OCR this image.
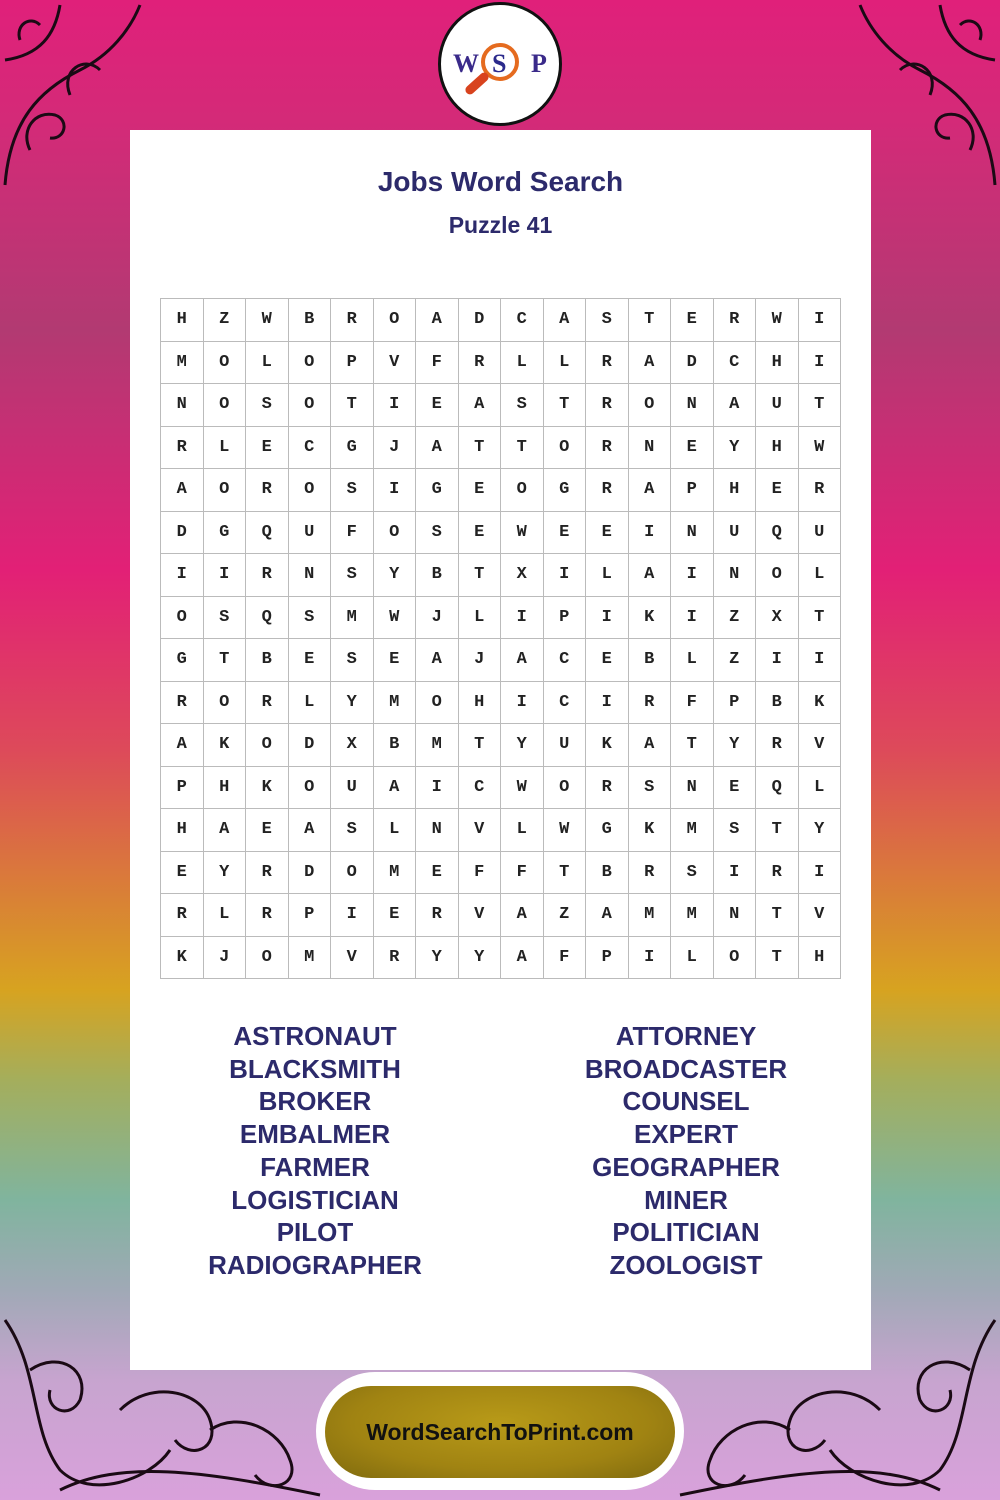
W S P
Jobs Word Search
Puzzle 41
H	Z	W	B	R	O	A	D	C	A	S	T	E	R	W	I
M	O	L	O	P	V	F	R	L	L	R	A	D	C	H	I
N	O	S	O	T	I	E	A	S	T	R	O	N	A	U	T
R	L	E	C	G	J	A	T	T	O	R	N	E	Y	H	W
A	O	R	O	S	I	G	E	O	G	R	A	P	H	E	R
D	G	Q	U	F	O	S	E	W	E	E	I	N	U	Q	U
I	I	R	N	S	Y	B	T	X	I	L	A	I	N	O	L
O	S	Q	S	M	W	J	L	I	P	I	K	I	Z	X	T
G	T	B	E	S	E	A	J	A	C	E	B	L	Z	I	I
R	O	R	L	Y	M	O	H	I	C	I	R	F	P	B	K
A	K	O	D	X	B	M	T	Y	U	K	A	T	Y	R	V
P	H	K	O	U	A	I	C	W	O	R	S	N	E	Q	L
H	A	E	A	S	L	N	V	L	W	G	K	M	S	T	Y
E	Y	R	D	O	M	E	F	F	T	B	R	S	I	R	I
R	L	R	P	I	E	R	V	A	Z	A	M	M	N	T	V
K	J	O	M	V	R	Y	Y	A	F	P	I	L	O	T	H
ASTRONAUT
BLACKSMITH
BROKER
EMBALMER
FARMER
LOGISTICIAN
PILOT
RADIOGRAPHER
ATTORNEY
BROADCASTER
COUNSEL
EXPERT
GEOGRAPHER
MINER
POLITICIAN
ZOOLOGIST
WordSearchToPrint.com
